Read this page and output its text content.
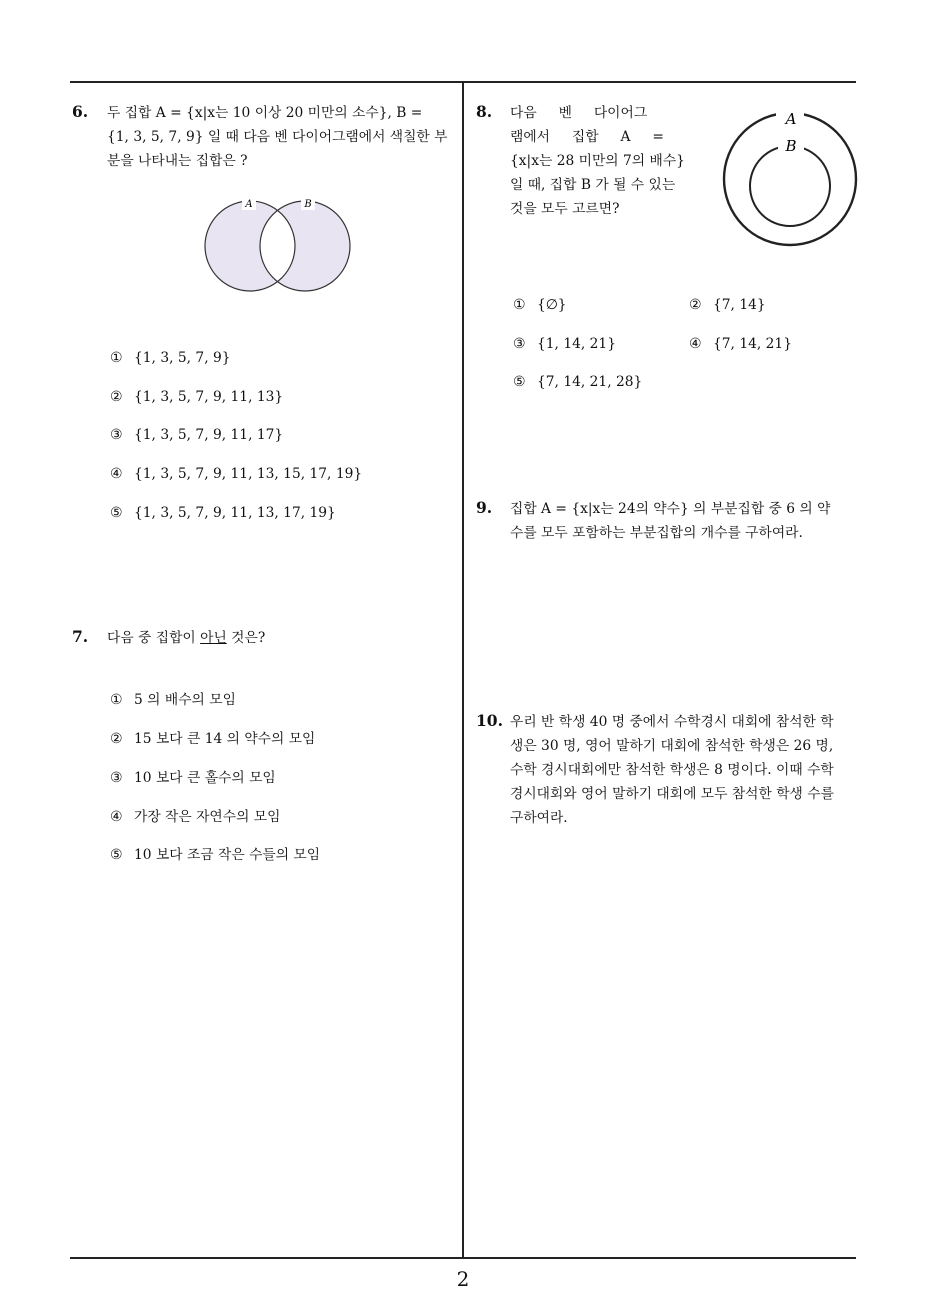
6. 두 집합 A = {x|x는 10 이상 20 미만의 소수}, B =
{1, 3, 5, 7, 9} 일 때 다음 벤 다이어그램에서 색칠한 부
분을 나타내는 집합은 ?
A	B
① {1, 3, 5, 7, 9}
② {1, 3, 5, 7, 9, 11, 13}
③ {1, 3, 5, 7, 9, 11, 17}
④ {1, 3, 5, 7, 9, 11, 13, 15, 17, 19}
⑤ {1, 3, 5, 7, 9, 11, 13, 17, 19}
7. 다음 중 집합이 아닌 것은?
① 5 의 배수의 모임
② 15 보다 큰 14 의 약수의 모임
③ 10 보다 큰 홀수의 모임
④ 가장 작은 자연수의 모임
⑤ 10 보다 조금 작은 수들의 모임
8. 다음     벤     다이어그
램에서     집합     A     =
{x|x는 28 미만의 7의 배수}
일 때, 집합 B 가 될 수 있는
것을 모두 고르면?
A
B
① {∅}	② {7, 14}
③ {1, 14, 21}	④ {7, 14, 21}
⑤ {7, 14, 21, 28}
9. 집합 A = {x|x는 24의 약수} 의 부분집합 중 6 의 약
수를 모두 포함하는 부분집합의 개수를 구하여라.
10. 우리 반 학생 40 명 중에서 수학경시 대회에 참석한 학
생은 30 명, 영어 말하기 대회에 참석한 학생은 26 명,
수학 경시대회에만 참석한 학생은 8 명이다. 이때 수학
경시대회와 영어 말하기 대회에 모두 참석한 학생 수를
구하여라.
2
